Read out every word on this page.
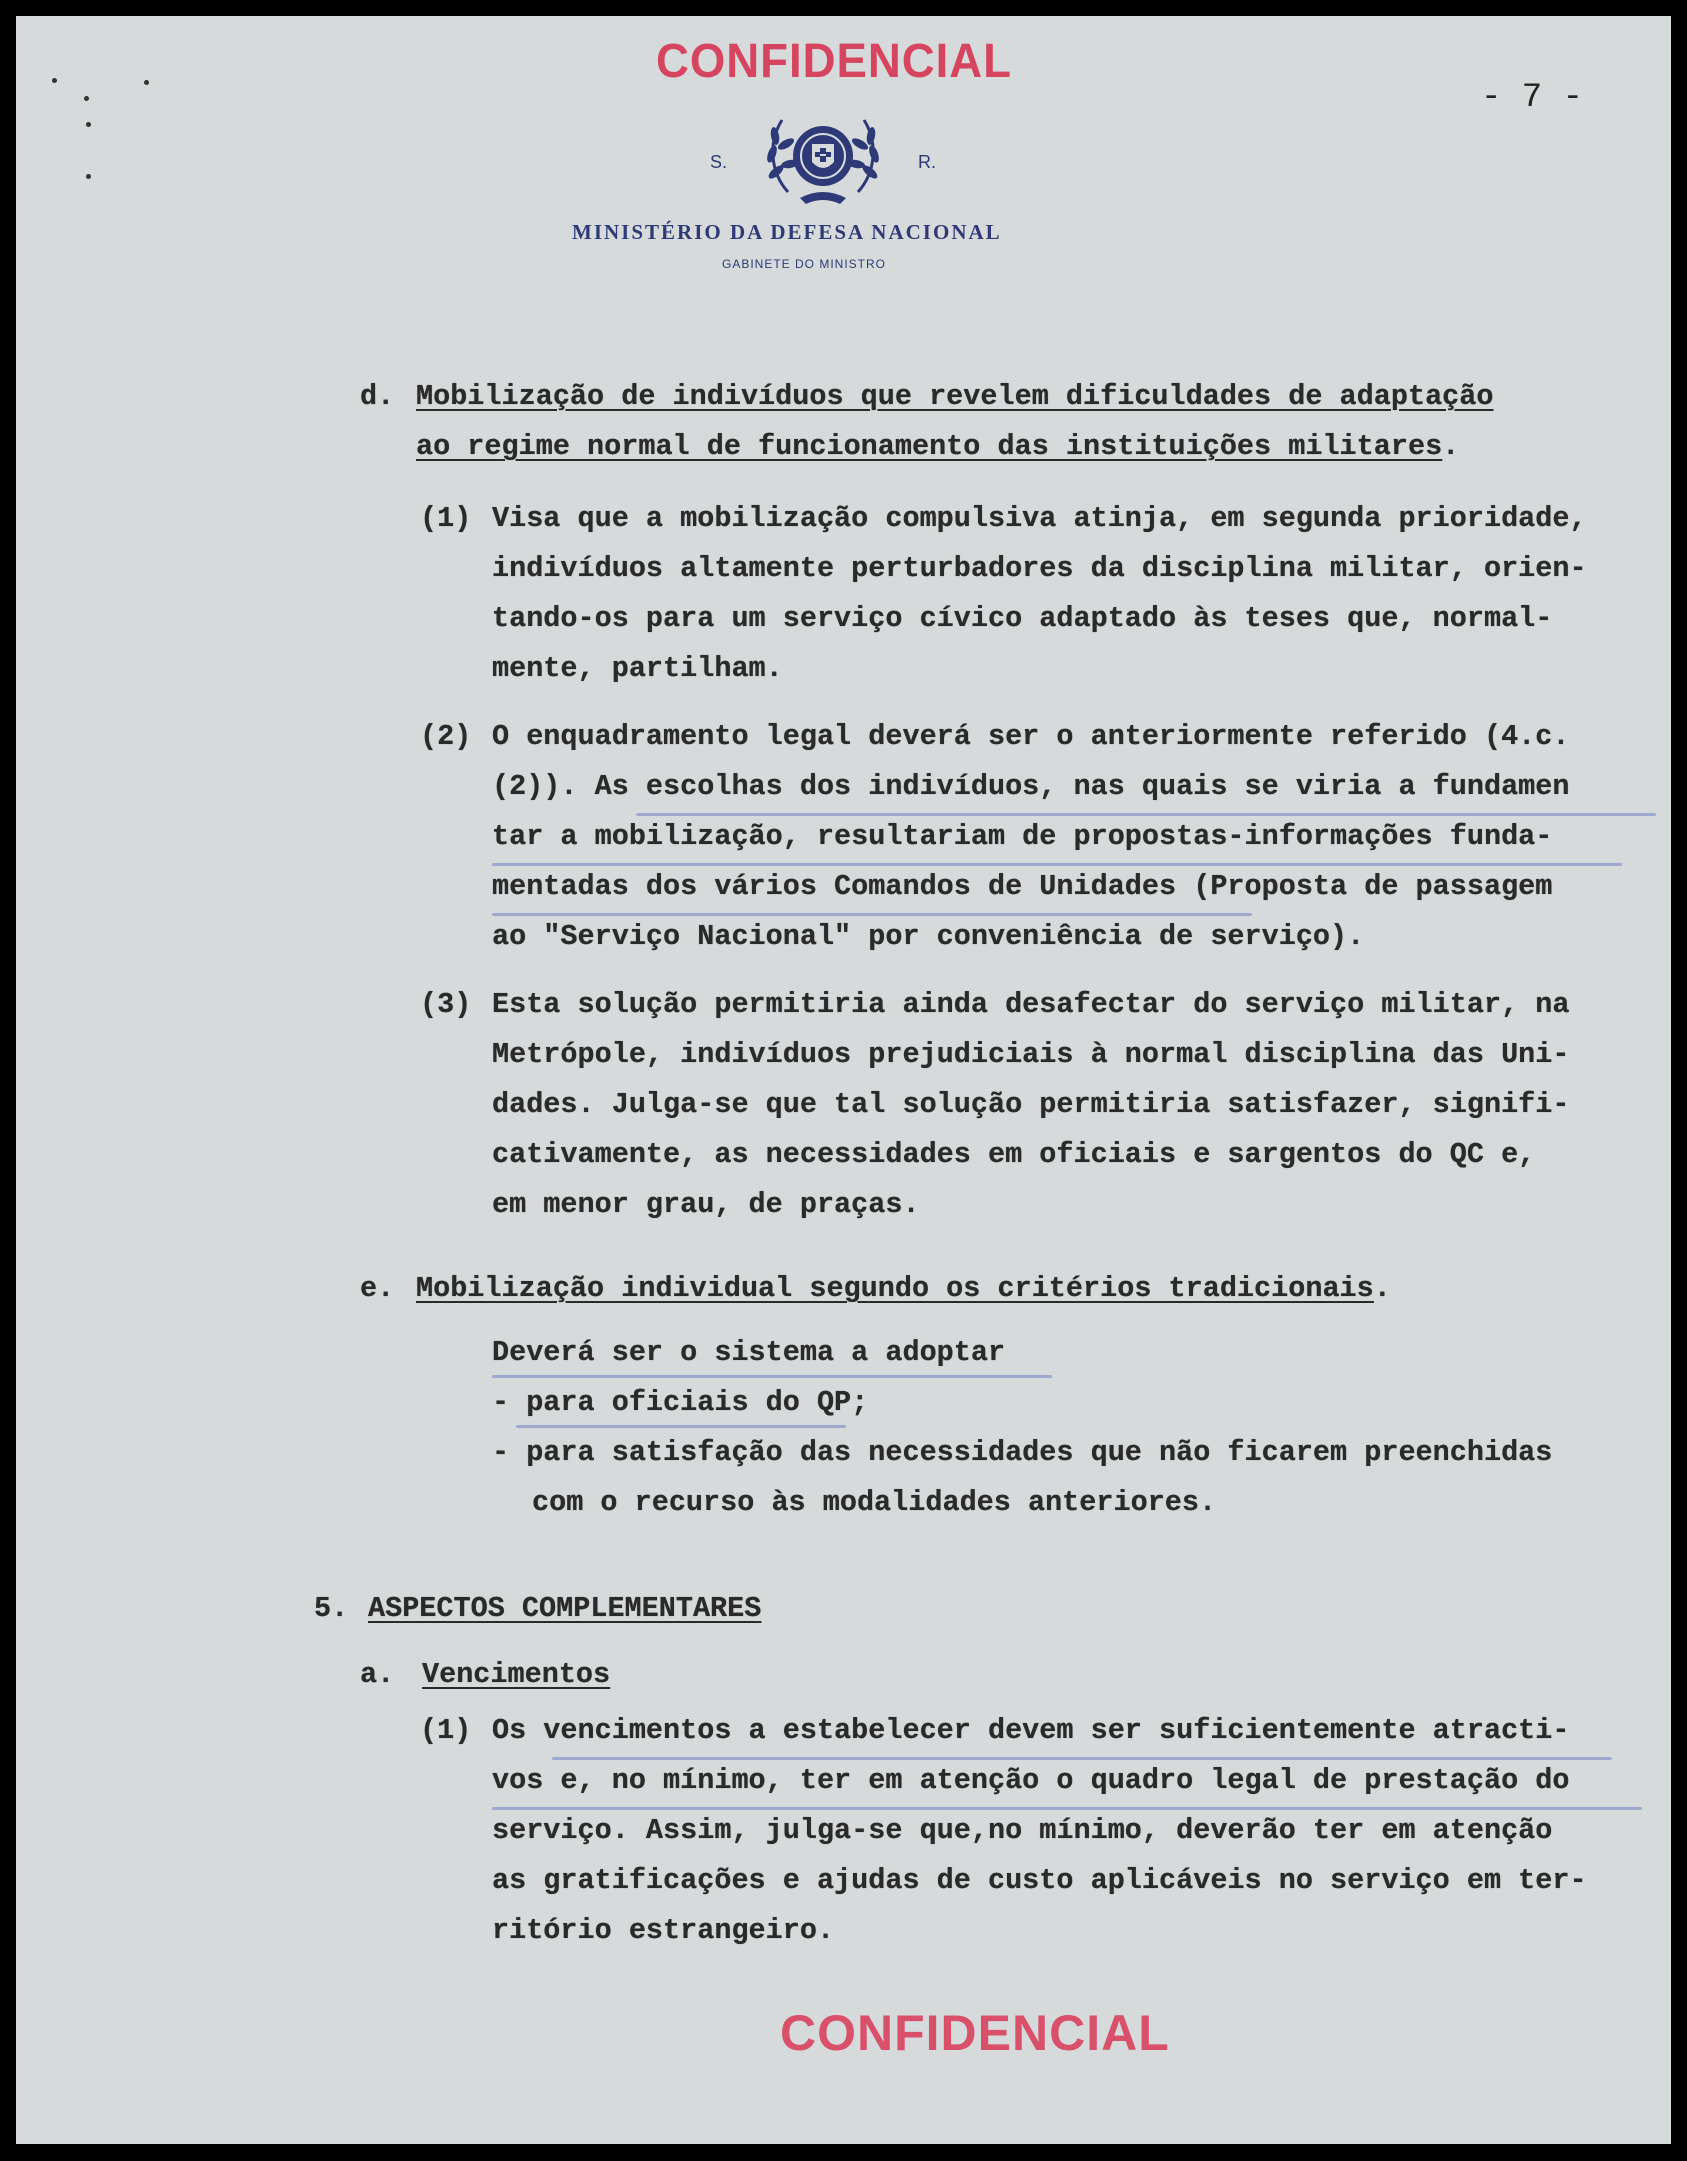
CONFIDENCIAL
- 7 -
S.	R.
MINISTÉRIO DA DEFESA NACIONAL
GABINETE DO MINISTRO
d. Mobilização de indivíduos que revelem dificuldades de adaptação
ao regime normal de funcionamento das instituições militares.
(1) Visa que a mobilização compulsiva atinja, em segunda prioridade,
indivíduos altamente perturbadores da disciplina militar, orien-
tando-os para um serviço cívico adaptado às teses que, normal-
mente, partilham.
(2) O enquadramento legal deverá ser o anteriormente referido (4.c.
(2)). As escolhas dos indivíduos, nas quais se viria a fundamen
tar a mobilização, resultariam de propostas-informações funda-
mentadas dos vários Comandos de Unidades (Proposta de passagem
ao "Serviço Nacional" por conveniência de serviço).
(3) Esta solução permitiria ainda desafectar do serviço militar, na
Metrópole, indivíduos prejudiciais à normal disciplina das Uni-
dades. Julga-se que tal solução permitiria satisfazer, signifi-
cativamente, as necessidades em oficiais e sargentos do QC e,
em menor grau, de praças.
e. Mobilização individual segundo os critérios tradicionais.
Deverá ser o sistema a adoptar
- para oficiais do QP;
- para satisfação das necessidades que não ficarem preenchidas
com o recurso às modalidades anteriores.
5. ASPECTOS COMPLEMENTARES
a. Vencimentos
(1) Os vencimentos a estabelecer devem ser suficientemente atracti-
vos e, no mínimo, ter em atenção o quadro legal de prestação do
serviço. Assim, julga-se que,no mínimo, deverão ter em atenção
as gratificações e ajudas de custo aplicáveis no serviço em ter-
ritório estrangeiro.
CONFIDENCIAL
